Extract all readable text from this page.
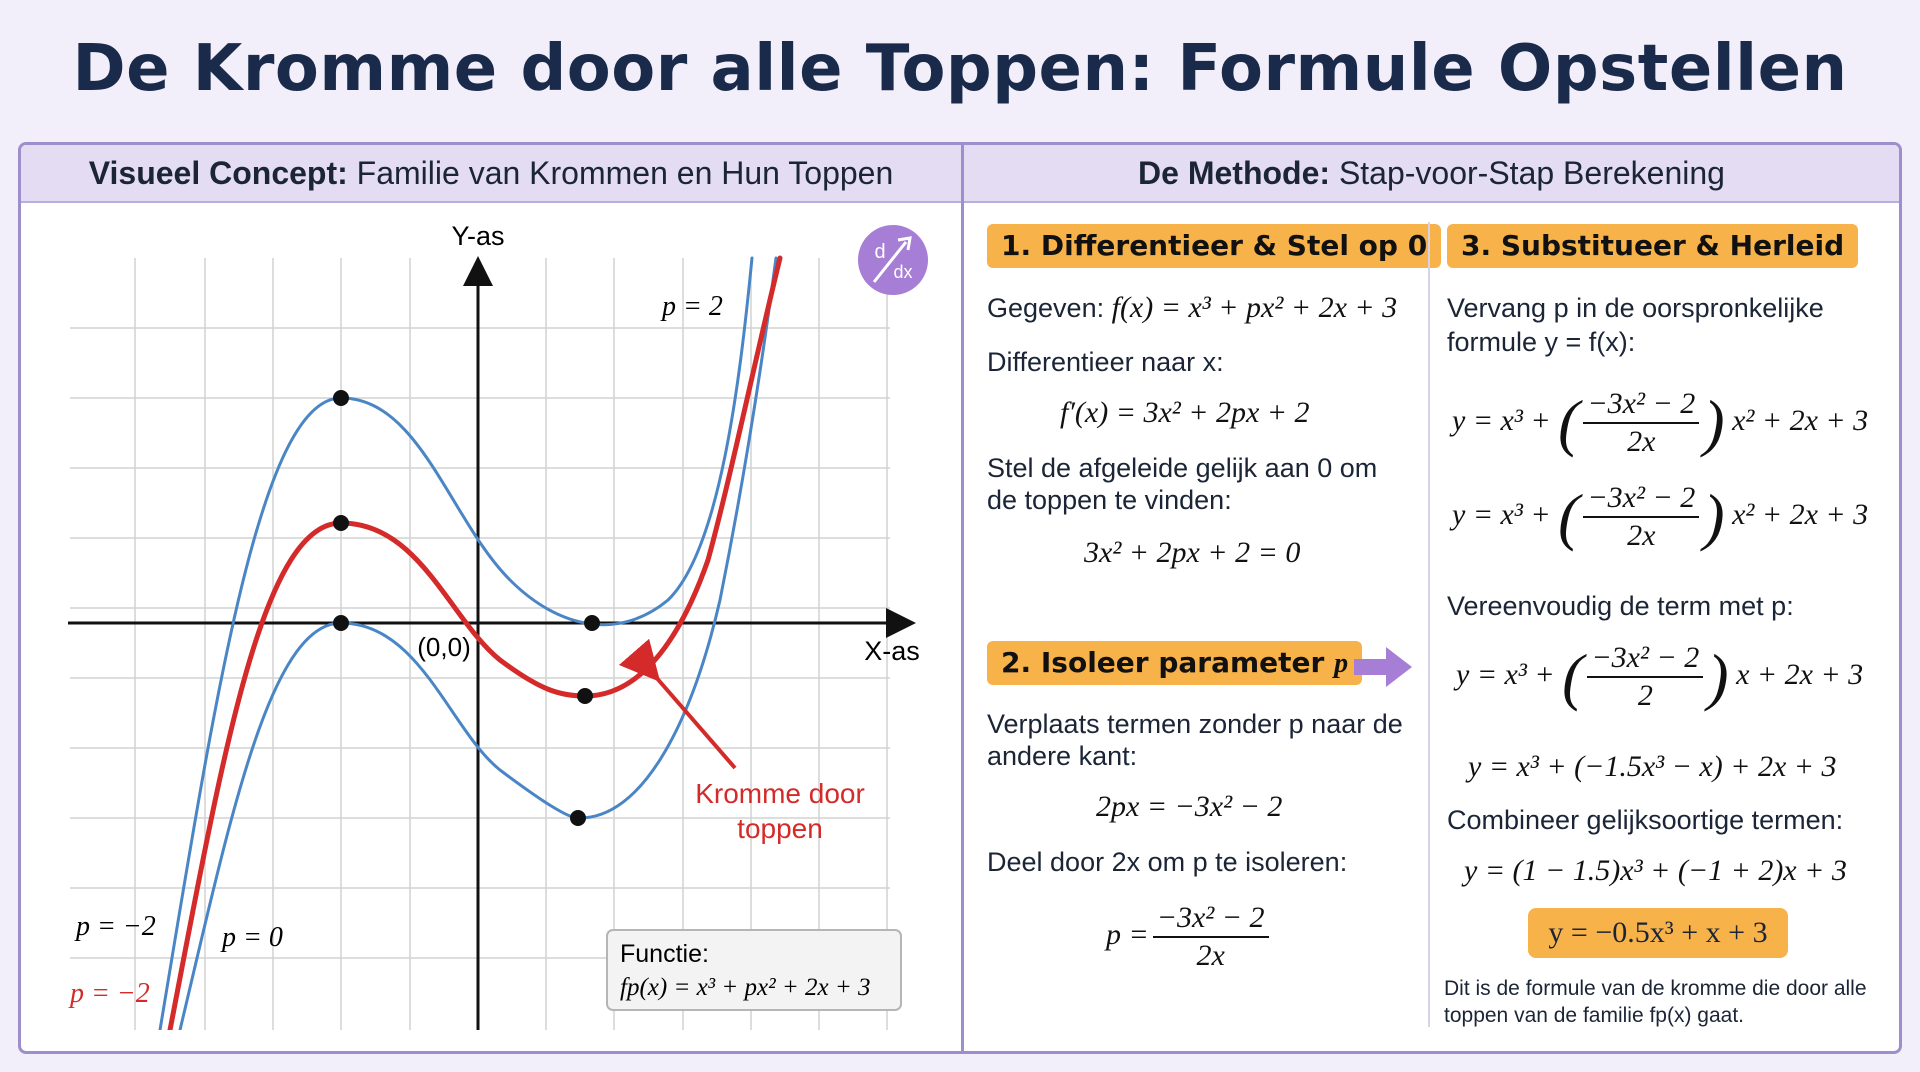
De Kromme door alle Toppen: Formule Opstellen
Visueel Concept: Familie van Krommen en Hun Toppen	De Methode: Stap-voor-Stap Berekening
Y-as
X-as
(0,0)
p = 2
p = −2 p = 0
p = −2
Kromme door
toppen
Functie:
fp(x) = x³ + px² + 2x + 3
d
dx
1. Differentieer & Stel op 0
Gegeven: f(x) = x³ + px² + 2x + 3
Differentieer naar x:
f′(x) = 3x² + 2px + 2
Stel de afgeleide gelijk aan 0 om de toppen te vinden:
3x² + 2px + 2 = 0
2. Isoleer parameter p
Verplaats termen zonder p naar de andere kant:
2px = −3x² − 2
Deel door 2x om p te isoleren:
$p = \frac{\text{−3x² − 2}}{2x}$
3. Substitueer & Herleid
Vervang p in de oorspronkelijke
formule y = f(x):
y = x³ + ( $\frac{\text{−3x² − 2}}{2x}$ ) x² + 2x + 3
y = x³ + ( $\frac{\text{−3x² − 2}}{2x}$ ) x² + 2x + 3
Vereenvoudig de term met p:
y = x³ + ( $\frac{\text{−3x² − 2}}{2}$ ) x + 2x + 3
y = x³ + (−1.5x³ − x) + 2x + 3
Combineer gelijksoortige termen:
y = (1 − 1.5)x³ + (−1 + 2)x + 3
y = −0.5x³ + x + 3
Dit is de formule van de kromme die door alle toppen van de familie fp(x) gaat.
